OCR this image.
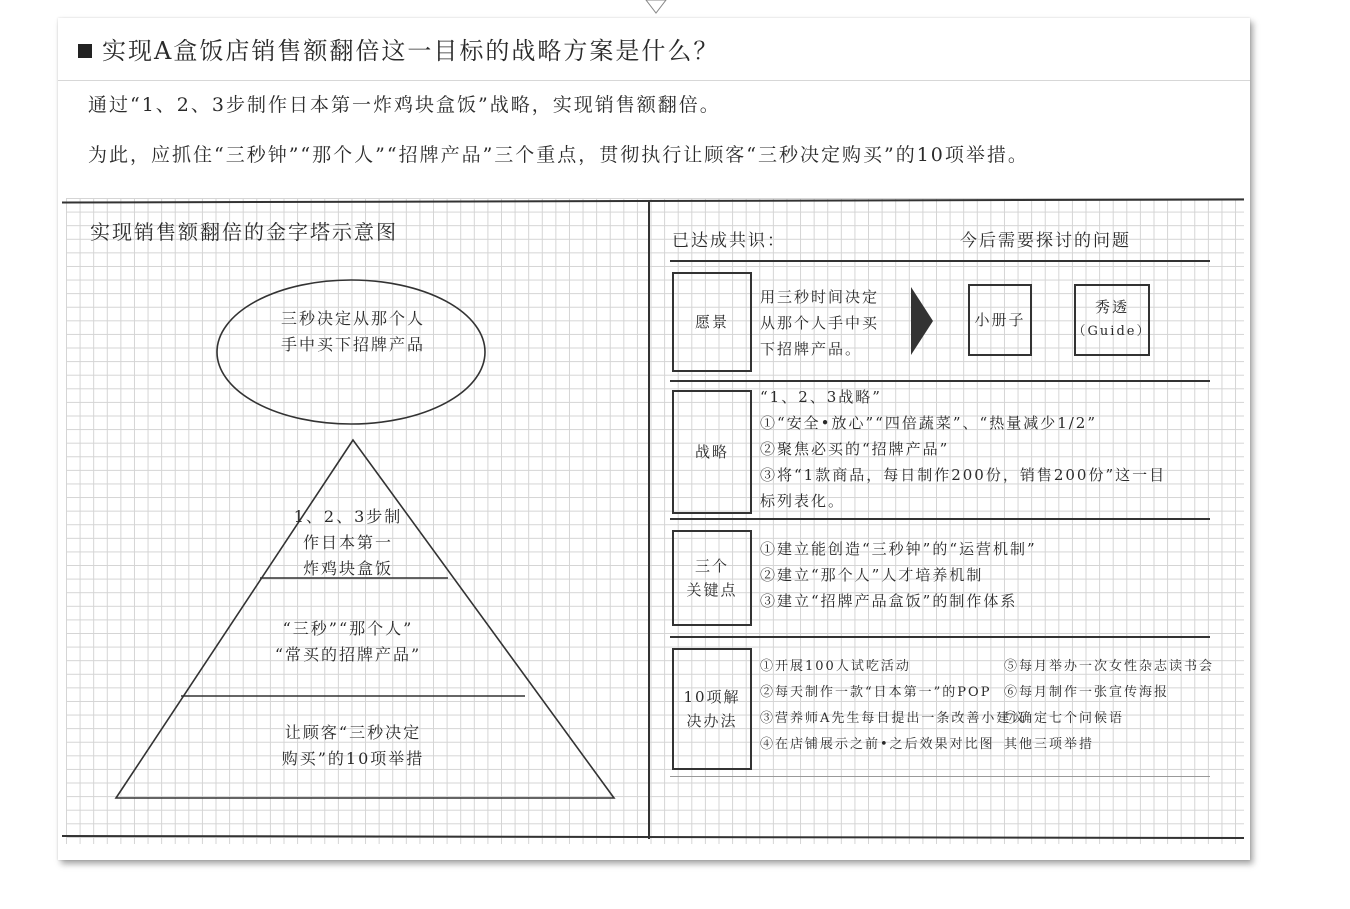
实现A盒饭店销售额翻倍这一目标的战略方案是什么？
通过“1、2、3步制作日本第一炸鸡块盒饭”战略，实现销售额翻倍。
为此，应抓住“三秒钟”“那个人”“招牌产品”三个重点，贯彻执行让顾客“三秒决定购买”的10项举措。
实现销售额翻倍的金字塔示意图
三秒决定从那个人
手中买下招牌产品
1、2、3步制
作日本第一
炸鸡块盒饭
“三秒”“那个人”
“常买的招牌产品”
让顾客“三秒决定
购买”的10项举措
已达成共识：	今后需要探讨的问题
愿景
用三秒时间决定
从那个人手中买
下招牌产品。
小册子
秀透
（Guide）
战略
“1、2、3战略”
①“安全•放心”“四倍蔬菜”、“热量减少1/2”
②聚焦必买的“招牌产品”
③将“1款商品，每日制作200份，销售200份”这一目
标列表化。
三个
关键点
①建立能创造“三秒钟”的“运营机制”
②建立“那个人”人才培养机制
③建立“招牌产品盒饭”的制作体系
10项解
决办法
①开展100人试吃活动
②每天制作一款“日本第一”的POP
③营养师A先生每日提出一条改善小建议
④在店铺展示之前•之后效果对比图
⑤每月举办一次女性杂志读书会
⑥每月制作一张宣传海报
⑦确定七个问候语
其他三项举措
